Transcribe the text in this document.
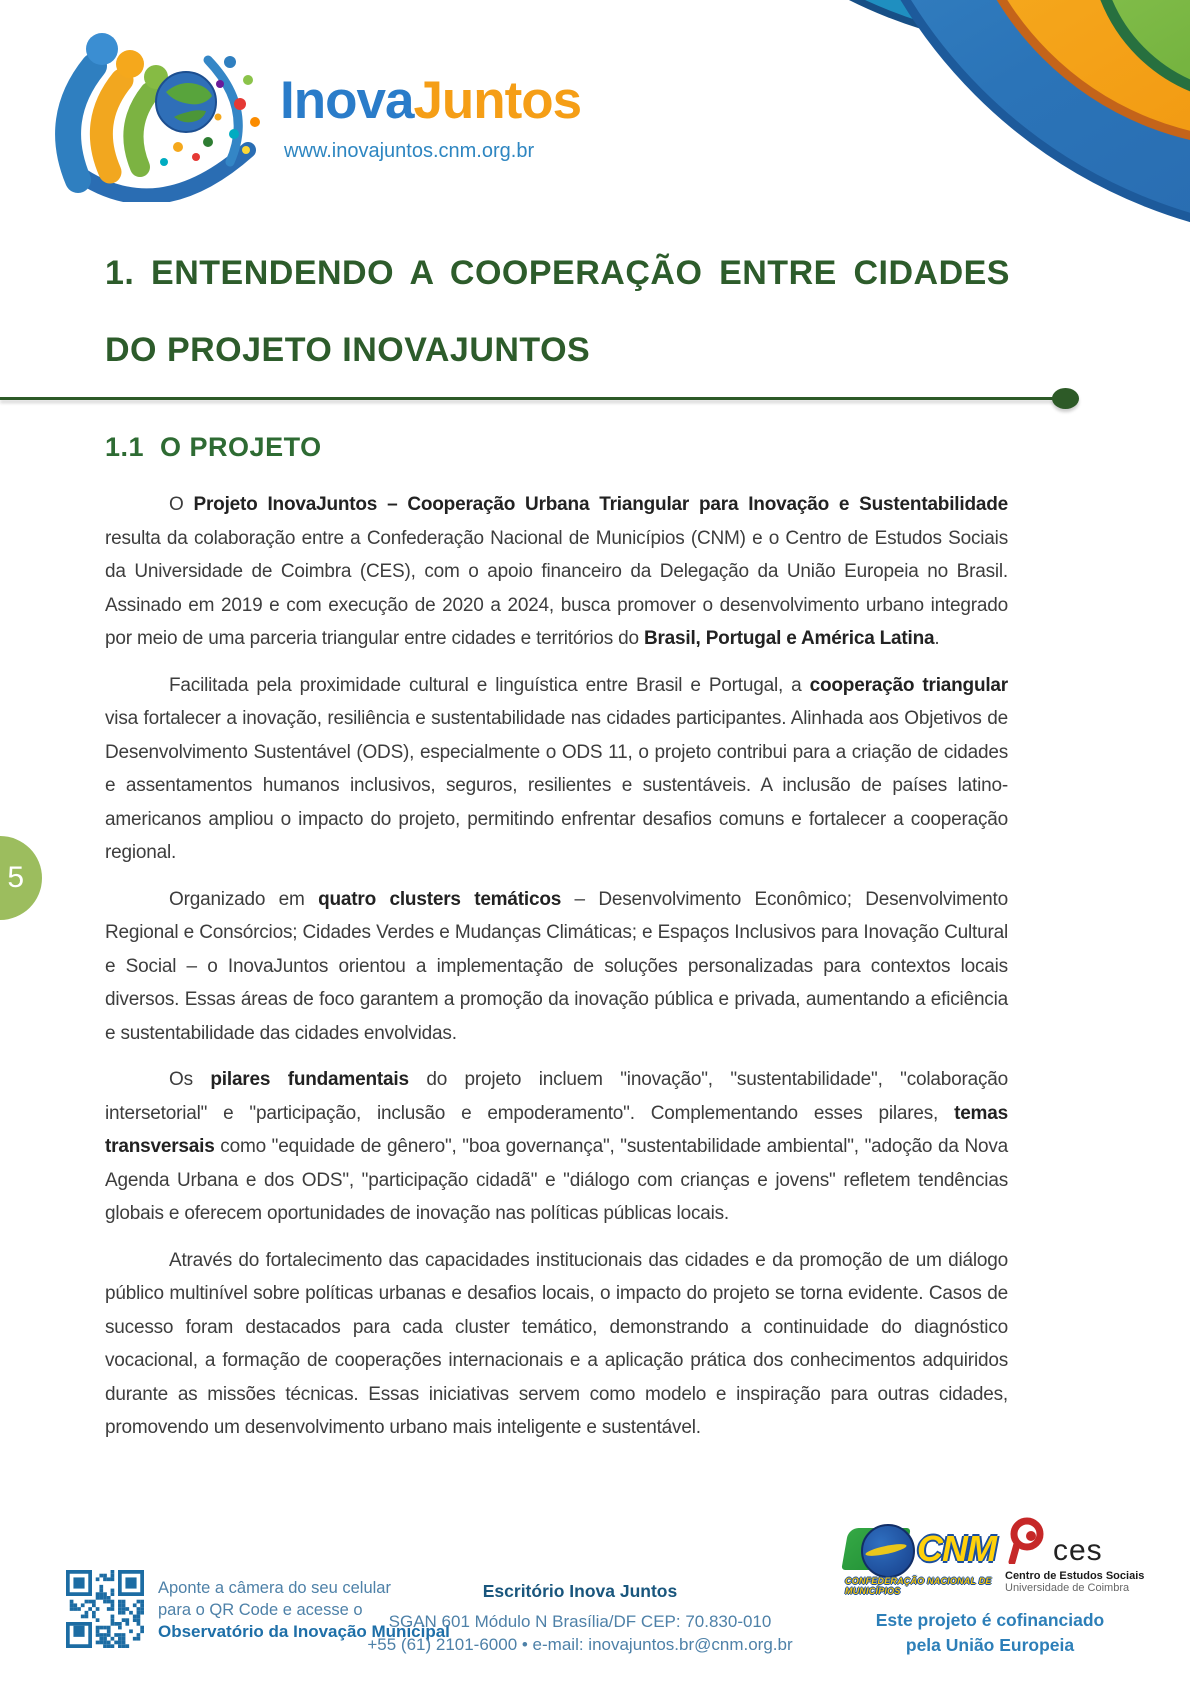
InovaJuntos
www.inovajuntos.cnm.org.br
1. ENTENDENDO A COOPERAÇÃO ENTRE CIDADES DO PROJETO INOVAJUNTOS
1.1 O PROJETO

O Projeto InovaJuntos – Cooperação Urbana Triangular para Inovação e Sustentabilidade resulta da colaboração entre a Confederação Nacional de Municípios (CNM) e o Centro de Estudos Sociais da Universidade de Coimbra (CES), com o apoio financeiro da Delegação da União Europeia no Brasil. Assinado em 2019 e com execução de 2020 a 2024, busca promover o desenvolvimento urbano integrado por meio de uma parceria triangular entre cidades e territórios do Brasil, Portugal e América Latina.

Facilitada pela proximidade cultural e linguística entre Brasil e Portugal, a cooperação triangular visa fortalecer a inovação, resiliência e sustentabilidade nas cidades participantes. Alinhada aos Objetivos de Desenvolvimento Sustentável (ODS), especialmente o ODS 11, o projeto contribui para a criação de cidades e assentamentos humanos inclusivos, seguros, resilientes e sustentáveis. A inclusão de países latino-americanos ampliou o impacto do projeto, permitindo enfrentar desafios comuns e fortalecer a cooperação regional.

Organizado em quatro clusters temáticos – Desenvolvimento Econômico; Desenvolvimento Regional e Consórcios; Cidades Verdes e Mudanças Climáticas; e Espaços Inclusivos para Inovação Cultural e Social – o InovaJuntos orientou a implementação de soluções personalizadas para contextos locais diversos. Essas áreas de foco garantem a promoção da inovação pública e privada, aumentando a eficiência e sustentabilidade das cidades envolvidas.

Os pilares fundamentais do projeto incluem "inovação", "sustentabilidade", "colaboração intersetorial" e "participação, inclusão e empoderamento". Complementando esses pilares, temas transversais como "equidade de gênero", "boa governança", "sustentabilidade ambiental", "adoção da Nova Agenda Urbana e dos ODS", "participação cidadã" e "diálogo com crianças e jovens" refletem tendências globais e oferecem oportunidades de inovação nas políticas públicas locais.

Através do fortalecimento das capacidades institucionais das cidades e da promoção de um diálogo público multinível sobre políticas urbanas e desafios locais, o impacto do projeto se torna evidente. Casos de sucesso foram destacados para cada cluster temático, demonstrando a continuidade do diagnóstico vocacional, a formação de cooperações internacionais e a aplicação prática dos conhecimentos adquiridos durante as missões técnicas. Essas iniciativas servem como modelo e inspiração para outras cidades, promovendo um desenvolvimento urbano mais inteligente e sustentável.

5
Aponte a câmera do seu celular
para o QR Code e acesse o
Observatório da Inovação Municipal
Escritório Inova Juntos
SGAN 601 Módulo N Brasília/DF CEP: 70.830-010
+55 (61) 2101-6000 • e-mail: inovajuntos.br@cnm.org.br
CNM
CONFEDERAÇÃO NACIONAL DE MUNICÍPIOS
ces
Centro de Estudos Sociais
Universidade de Coimbra
Este projeto é cofinanciado
pela União Europeia
